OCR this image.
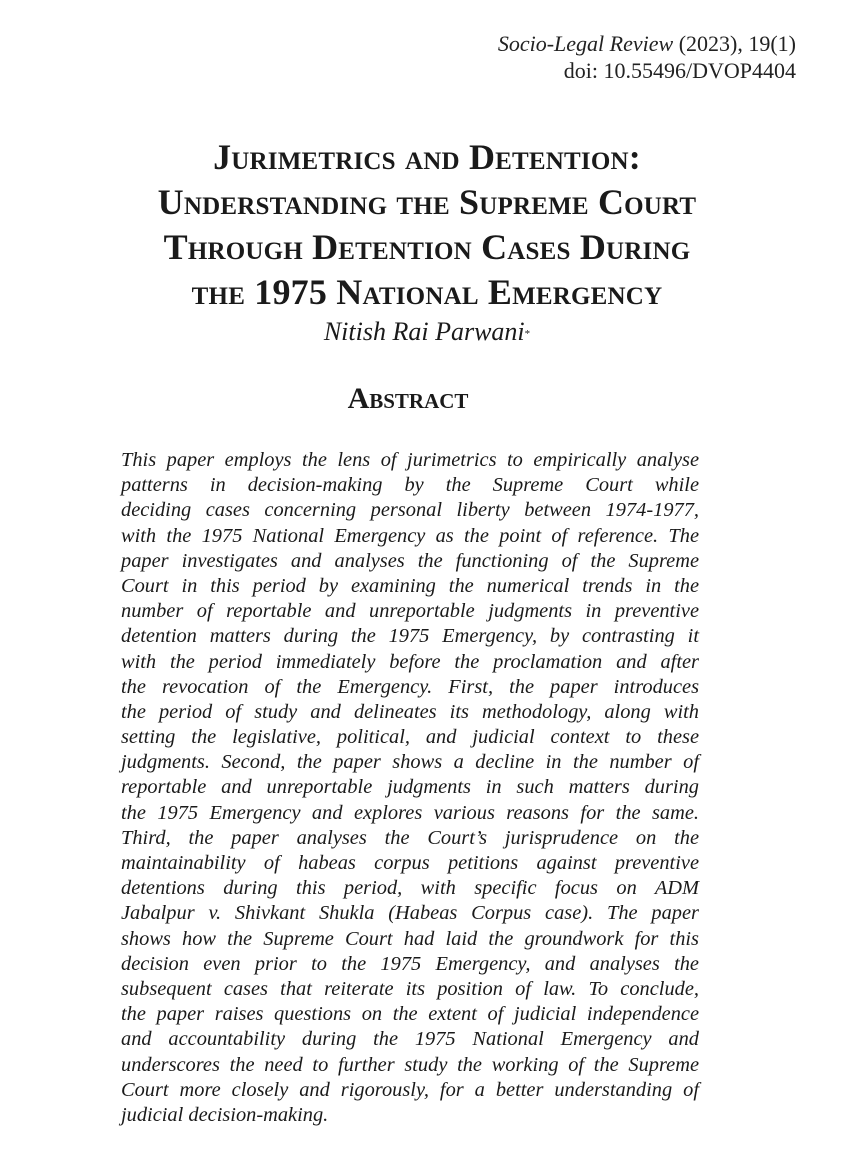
Socio-Legal Review (2023), 19(1)
doi: 10.55496/DVOP4404
Jurimetrics and Detention:
Understanding the Supreme Court
Through Detention Cases During
the 1975 National Emergency
Nitish Rai Parwani*
Abstract
This paper employs the lens of jurimetrics to empirically analyse
patterns in decision-making by the Supreme Court while
deciding cases concerning personal liberty between 1974-1977,
with the 1975 National Emergency as the point of reference. The
paper investigates and analyses the functioning of the Supreme
Court in this period by examining the numerical trends in the
number of reportable and unreportable judgments in preventive
detention matters during the 1975 Emergency, by contrasting it
with the period immediately before the proclamation and after
the revocation of the Emergency. First, the paper introduces
the period of study and delineates its methodology, along with
setting the legislative, political, and judicial context to these
judgments. Second, the paper shows a decline in the number of
reportable and unreportable judgments in such matters during
the 1975 Emergency and explores various reasons for the same.
Third, the paper analyses the Court’s jurisprudence on the
maintainability of habeas corpus petitions against preventive
detentions during this period, with specific focus on ADM
Jabalpur v. Shivkant Shukla (Habeas Corpus case). The paper
shows how the Supreme Court had laid the groundwork for this
decision even prior to the 1975 Emergency, and analyses the
subsequent cases that reiterate its position of law. To conclude,
the paper raises questions on the extent of judicial independence
and accountability during the 1975 National Emergency and
underscores the need to further study the working of the Supreme
Court more closely and rigorously, for a better understanding of
judicial decision-making.
